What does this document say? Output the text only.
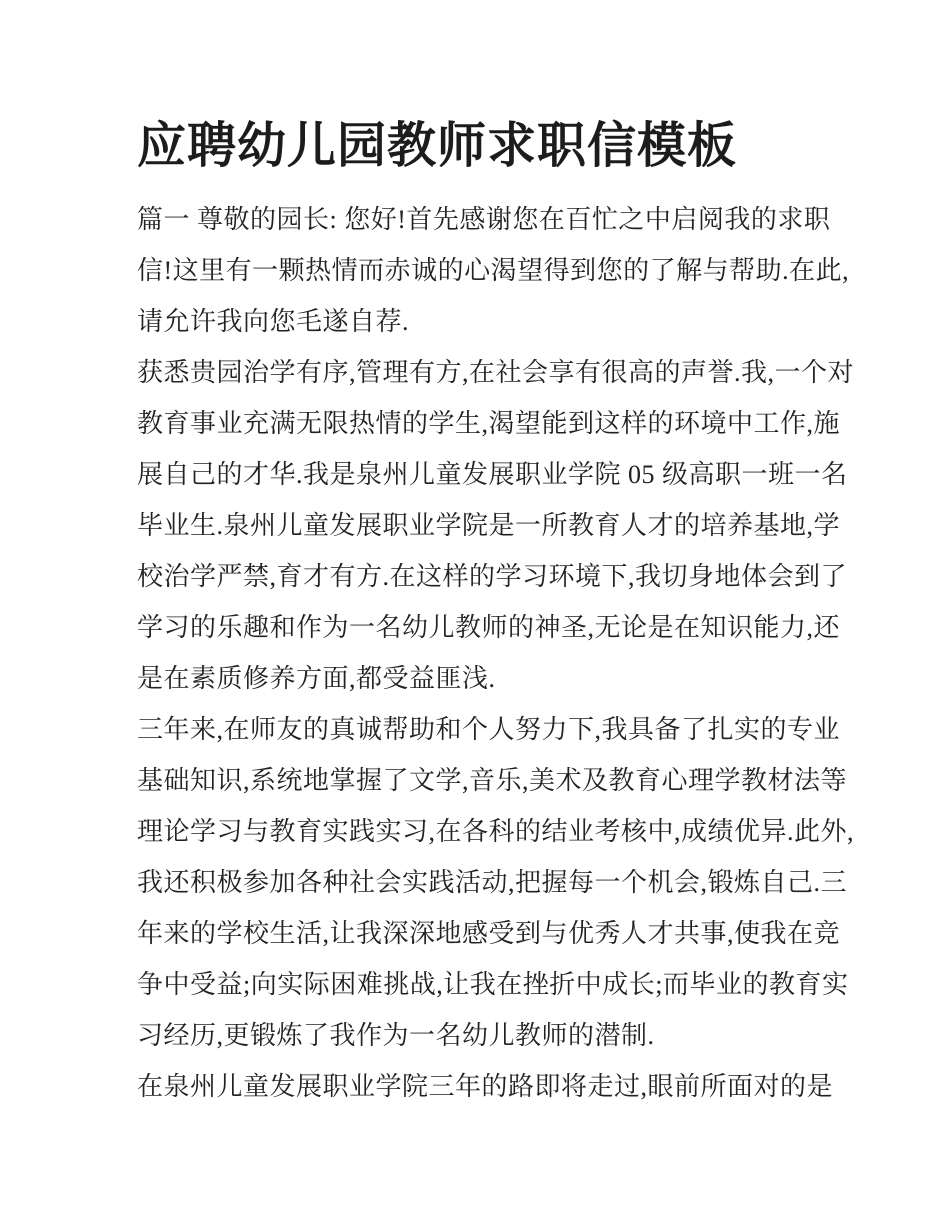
应聘幼儿园教师求职信模板
篇一 尊敬的园长: 您好!首先感谢您在百忙之中启阅我的求职
信!这里有一颗热情而赤诚的心渴望得到您的了解与帮助.在此,
请允许我向您毛遂自荐.
获悉贵园治学有序,管理有方,在社会享有很高的声誉.我,一个对
教育事业充满无限热情的学生,渴望能到这样的环境中工作,施
展自己的才华.我是泉州儿童发展职业学院 05 级高职一班一名
毕业生.泉州儿童发展职业学院是一所教育人才的培养基地,学
校治学严禁,育才有方.在这样的学习环境下,我切身地体会到了
学习的乐趣和作为一名幼儿教师的神圣,无论是在知识能力,还
是在素质修养方面,都受益匪浅.
三年来,在师友的真诚帮助和个人努力下,我具备了扎实的专业
基础知识,系统地掌握了文学,音乐,美术及教育心理学教材法等
理论学习与教育实践实习,在各科的结业考核中,成绩优异.此外,
我还积极参加各种社会实践活动,把握每一个机会,锻炼自己.三
年来的学校生活,让我深深地感受到与优秀人才共事,使我在竞
争中受益;向实际困难挑战,让我在挫折中成长;而毕业的教育实
习经历,更锻炼了我作为一名幼儿教师的潜制.
在泉州儿童发展职业学院三年的路即将走过,眼前所面对的是
